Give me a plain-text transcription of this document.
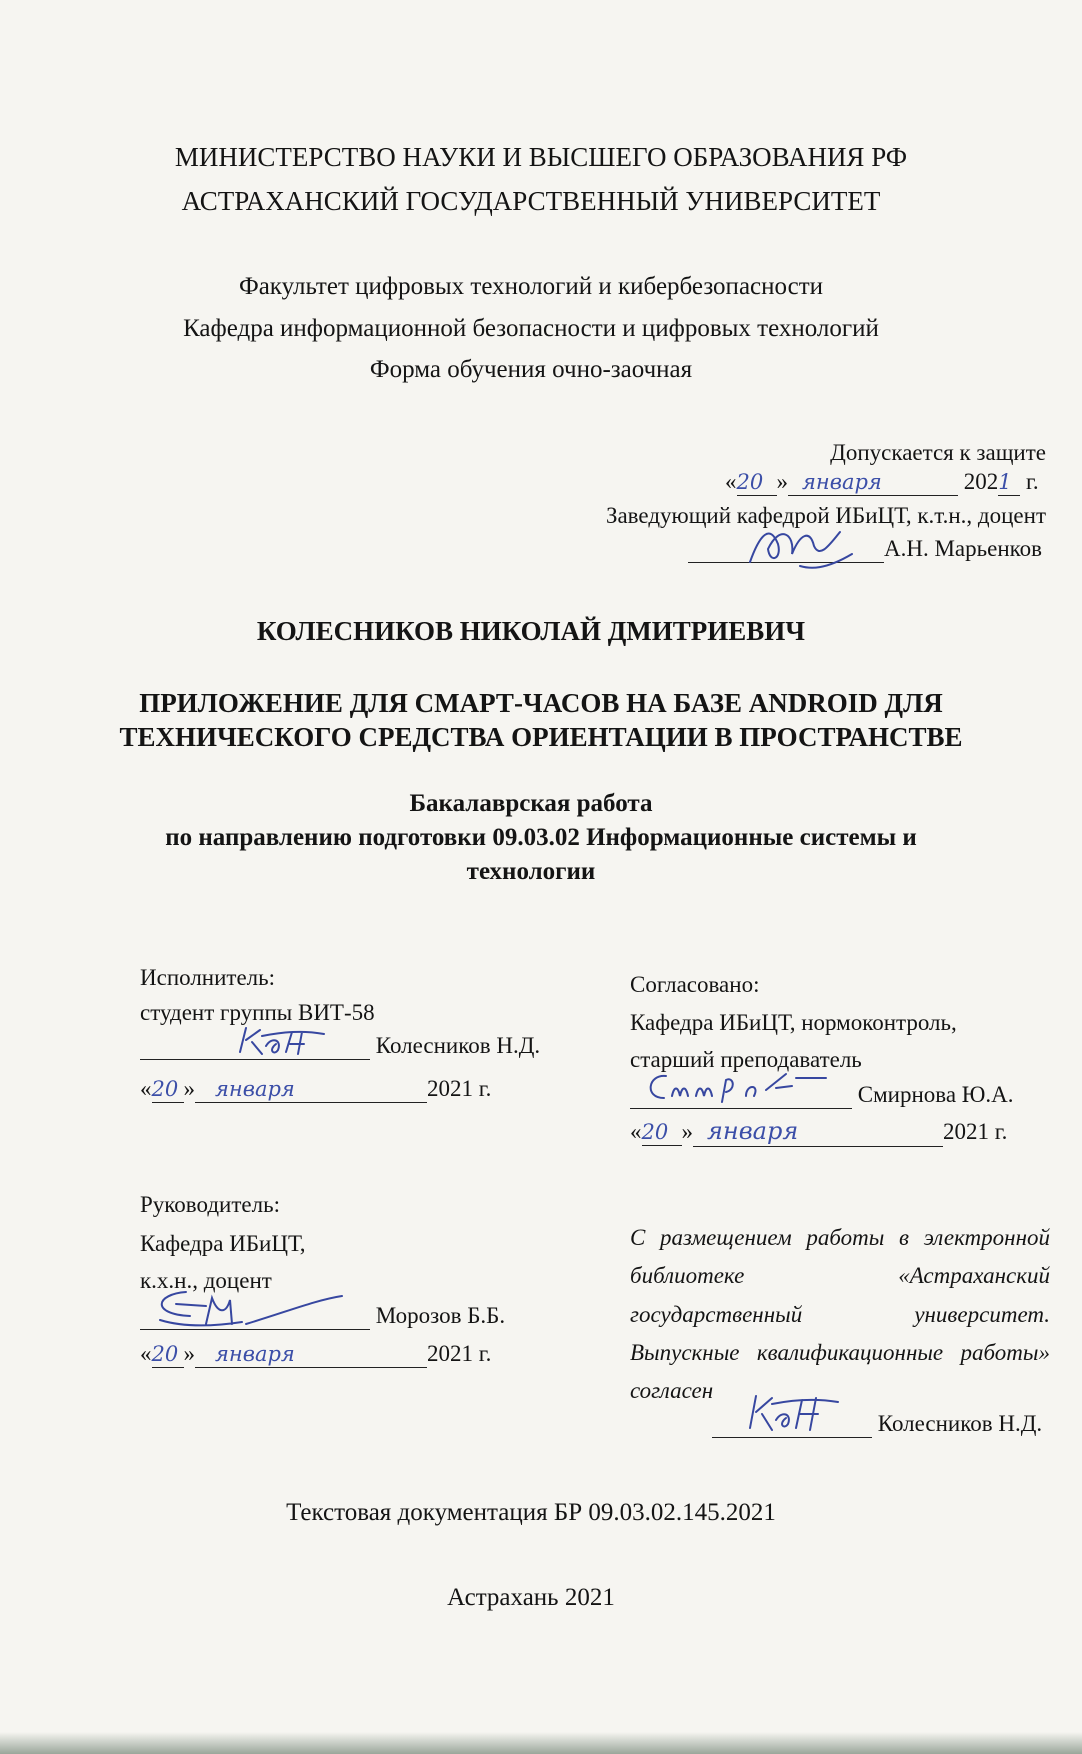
МИНИСТЕРСТВО НАУКИ И ВЫСШЕГО ОБРАЗОВАНИЯ РФ
АСТРАХАНСКИЙ ГОСУДАРСТВЕННЫЙ УНИВЕРСИТЕТ
Факультет цифровых технологий и кибербезопасности
Кафедра информационной безопасности и цифровых технологий
Форма обучения очно-заочная
Допускается к защите
«20 » января	2021 г.
Заведующий кафедрой ИБиЦТ, к.т.н., доцент
А.Н. Марьенков
КОЛЕСНИКОВ НИКОЛАЙ ДМИТРИЕВИЧ
ПРИЛОЖЕНИЕ ДЛЯ СМАРТ-ЧАСОВ НА БАЗЕ ANDROID ДЛЯ
ТЕХНИЧЕСКОГО СРЕДСТВА ОРИЕНТАЦИИ В ПРОСТРАНСТВЕ
Бакалаврская работа
по направлению подготовки 09.03.02 Информационные системы и
технологии
Исполнитель:
студент группы ВИТ-58
Колесников Н.Д.
«20 » января	2021 г.
Согласовано:
Кафедра ИБиЦТ, нормоконтроль,
старший преподаватель
Смирнова Ю.А.
«20 » января	2021 г.
Руководитель:
Кафедра ИБиЦТ,
к.х.н., доцент
Морозов Б.Б.
«20 » января	2021 г.
С размещением работы в электронной
библиотеке «Астраханский
государственный университет.
Выпускные квалификационные работы»
согласен
Колесников Н.Д.
Текстовая документация БР 09.03.02.145.2021
Астрахань 2021
